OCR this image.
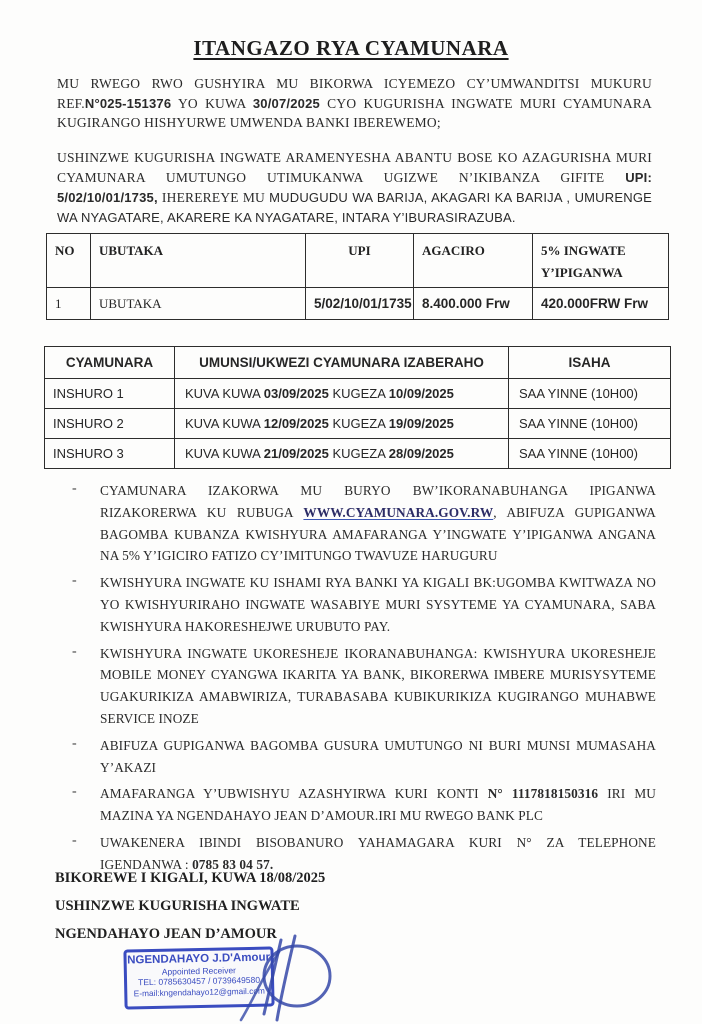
ITANGAZO RYA CYAMUNARA
MU RWEGO RWO GUSHYIRA MU BIKORWA ICYEMEZO CY’UMWANDITSI MUKURU REF.N°025-151376 YO KUWA 30/07/2025 CYO KUGURISHA INGWATE MURI CYAMUNARA KUGIRANGO HISHYURWE UMWENDA BANKI IBEREWEMO;
USHINZWE KUGURISHA INGWATE ARAMENYESHA ABANTU BOSE KO AZAGURISHA MURI CYAMUNARA UMUTUNGO UTIMUKANWA UGIZWE N’IKIBANZA GIFITE UPI: 5/02/10/01/1735, IHEREREYE MU MUDUGUDU WA BARIJA, AKAGARI KA BARIJA , UMURENGE WA NYAGATARE, AKARERE KA NYAGATARE, INTARA Y’IBURASIRAZUBA.
NO	UBUTAKA	UPI	AGACIRO	5% INGWATE Y’IPIGANWA
1	UBUTAKA	5/02/10/01/1735	8.400.000 Frw	420.000FRW Frw
CYAMUNARA	UMUNSI/UKWEZI CYAMUNARA IZABERAHO	ISAHA
INSHURO 1	KUVA KUWA 03/09/2025 KUGEZA 10/09/2025	SAA YINNE (10H00)
INSHURO 2	KUVA KUWA 12/09/2025 KUGEZA 19/09/2025	SAA YINNE (10H00)
INSHURO 3	KUVA KUWA 21/09/2025 KUGEZA 28/09/2025	SAA YINNE (10H00)
-	CYAMUNARA IZAKORWA MU BURYO BW’IKORANABUHANGA IPIGANWA RIZAKORERWA KU RUBUGA WWW.CYAMUNARA.GOV.RW, ABIFUZA GUPIGANWA BAGOMBA KUBANZA KWISHYURA AMAFARANGA Y’INGWATE Y’IPIGANWA ANGANA NA 5% Y’IGICIRO FATIZO CY’IMITUNGO TWAVUZE HARUGURU
-	KWISHYURA INGWATE KU ISHAMI RYA BANKI YA KIGALI BK:UGOMBA KWITWAZA NO YO KWISHYURIRAHO INGWATE WASABIYE MURI SYSYTEME YA CYAMUNARA, SABA KWISHYURA HAKORESHEJWE URUBUTO PAY.
-	KWISHYURA INGWATE UKORESHEJE IKORANABUHANGA: KWISHYURA UKORESHEJE MOBILE MONEY CYANGWA IKARITA YA BANK, BIKORERWA IMBERE MURISYSYTEME UGAKURIKIZA AMABWIRIZA, TURABASABA KUBIKURIKIZA KUGIRANGO MUHABWE SERVICE INOZE
-	ABIFUZA GUPIGANWA BAGOMBA GUSURA UMUTUNGO NI BURI MUNSI MUMASAHA Y’AKAZI
-	AMAFARANGA Y’UBWISHYU AZASHYIRWA KURI KONTI N° 1117818150316 IRI MU MAZINA YA NGENDAHAYO JEAN D’AMOUR.IRI MU RWEGO BANK PLC
-	UWAKENERA IBINDI BISOBANURO YAHAMAGARA KURI N° ZA TELEPHONE IGENDANWA : 0785 83 04 57.
BIKOREWE I KIGALI, KUWA 18/08/2025
USHINZWE KUGURISHA INGWATE
NGENDAHAYO JEAN D’AMOUR
NGENDAHAYO J.D'Amour
Appointed Receiver
TEL: 0785630457 / 0739649580
E-mail:kngendahayo12@gmail.com
